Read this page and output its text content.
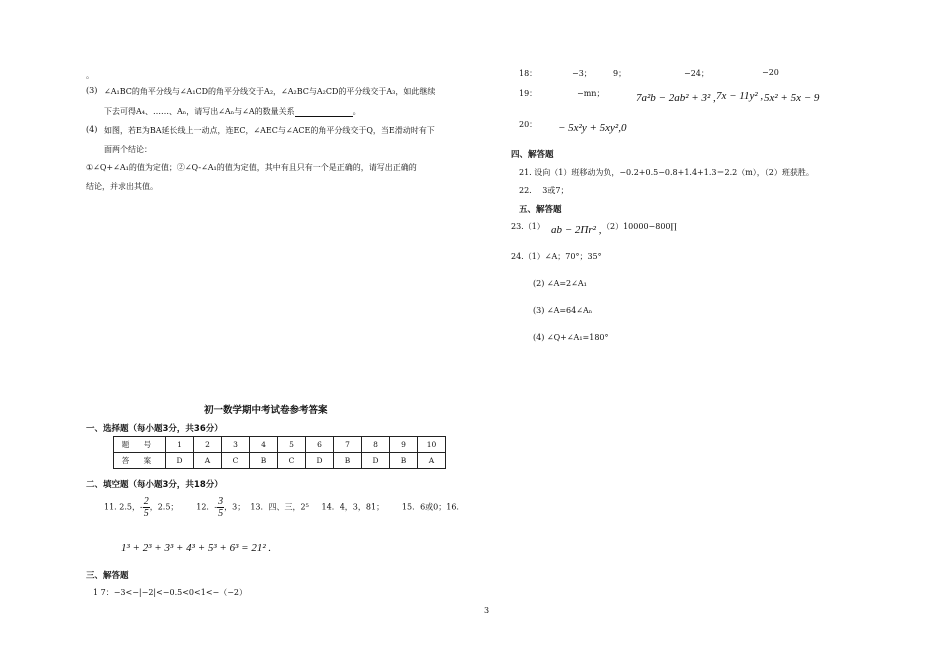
。
(3) ∠A₁BC的角平分线与∠A₁CD的角平分线交于A₂，∠A₂BC与A₂CD的平分线交于A₃，如此继续
下去可得A₄、……、Aₙ，请写出∠Aₙ与∠A的数量关系	。
(4) 如图，若E为BA延长线上一动点，连EC，∠AEC与∠ACE的角平分线交于Q，当E滑动时有下
面两个结论：
①∠Q+∠A₁的值为定值；②∠Q-∠A₁的值为定值，其中有且只有一个是正确的，请写出正确的
结论，并求出其值。
初一数学期中考试卷参考答案
一、选择题（每小题3分，共36分）
题 号	1	2	3	4	5	6	7	8	9	10
答 案	D	A	C	B	C	D	B	D	B	A
二、填空题（每小题3分，共18分）
11. 2.5，- $\frac{2}{5}$ ，2.5； 12．- $\frac{3}{5}$ ，3； 13．四、三，2⁵ 14．4，3，81； 15．6或0；16.
1³ + 2³ + 3³ + 4³ + 5³ + 6³ = 21² .
三、解答题
1 7：−3<−|−2|<−0.5<0<1<−（−2）
18：	−3；	9；	−24；	−20
19：	−mn；	7a²b − 2ab² + 3² , 7x − 11y² , 5x² + 5x − 9
20： − 5x²y + 5xy²,0
四、解答题
21. 设向（1）班移动为负，−0.2+0.5−0.8+1.4+1.3＝2.2（m），（2）班获胜。
22.　 3或7；
五、解答题
23.（1） ab − 2Πr² , （2）10000−800∏
24.（1）∠A；70°；35°
(2) ∠A=2∠A₁
(3) ∠A=64∠Aₙ
(4) ∠Q+∠A₁=180°
3
